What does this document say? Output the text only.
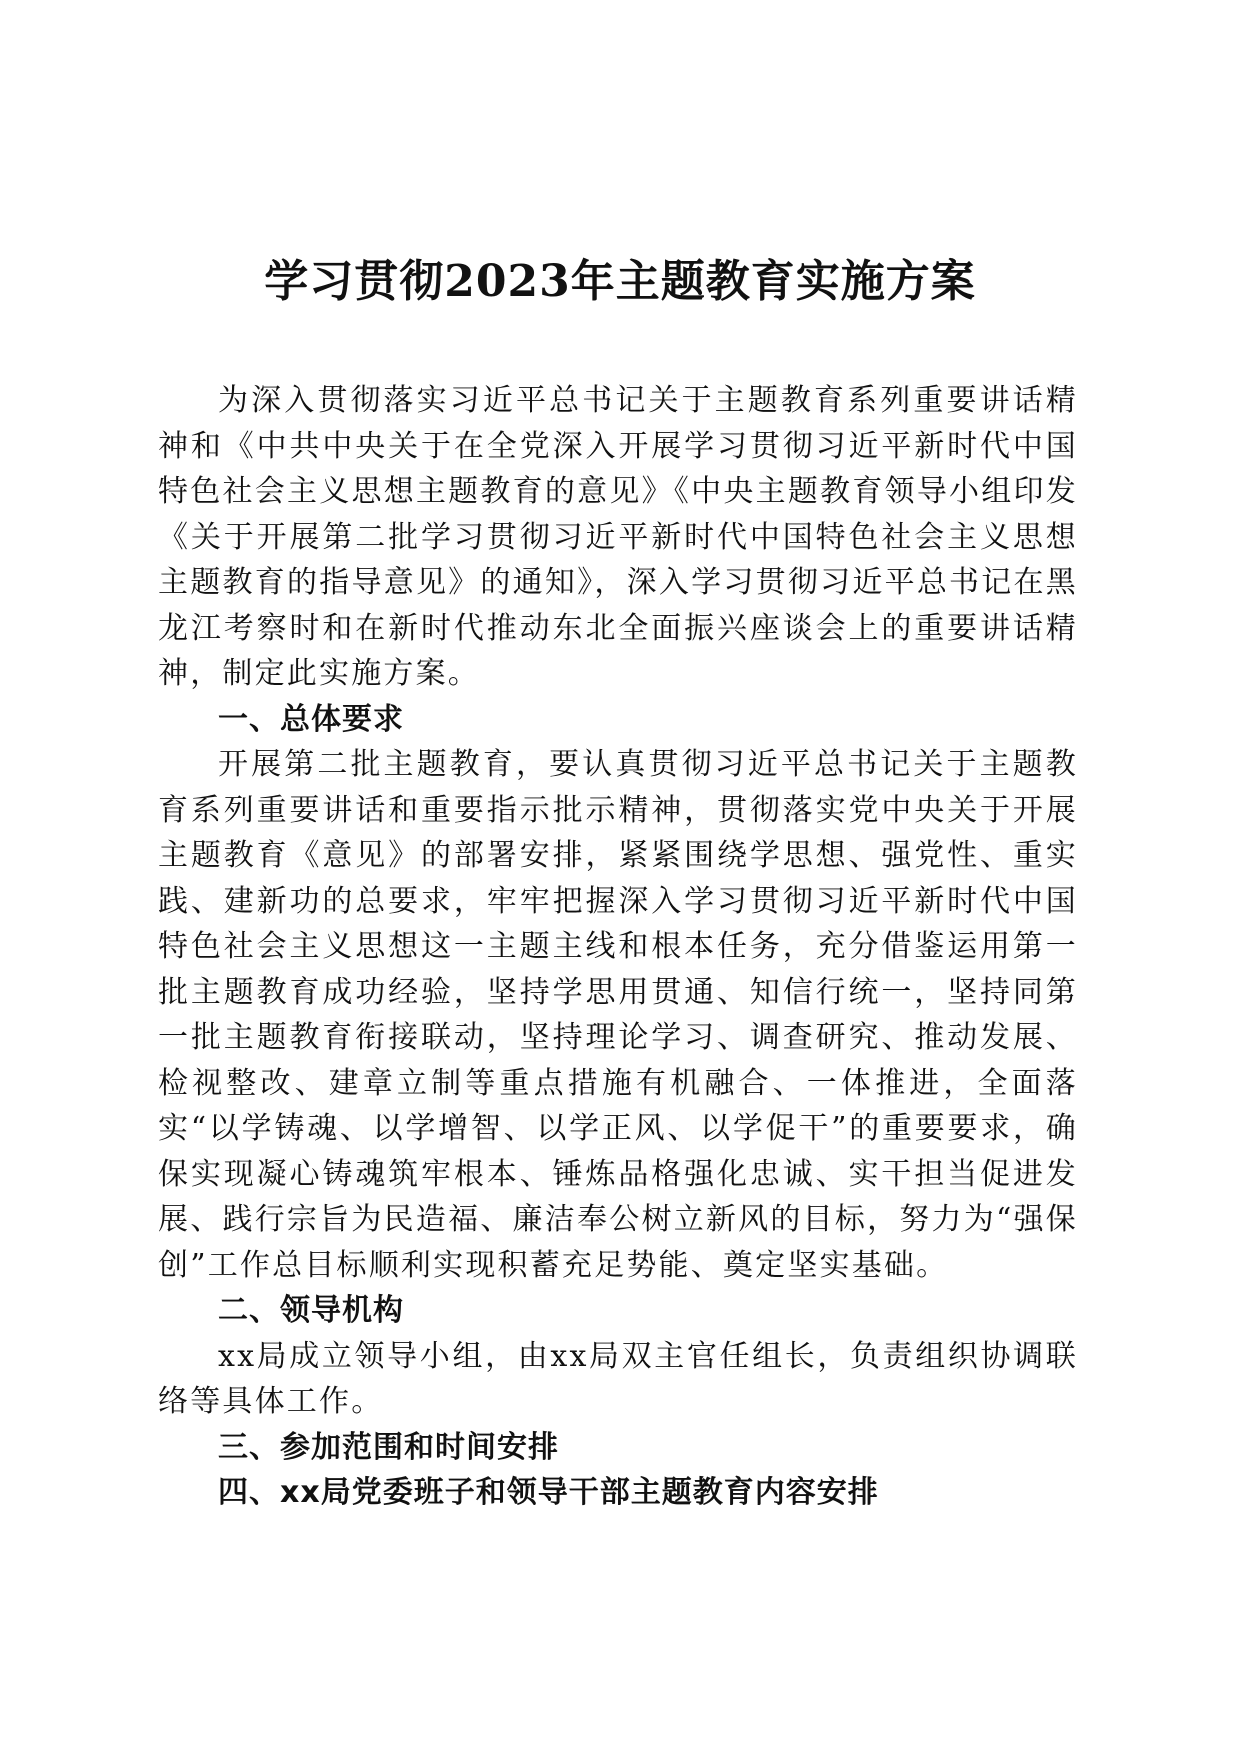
学习贯彻2023年主题教育实施方案

为深入贯彻落实习近平总书记关于主题教育系列重要讲话精神和《中共中央关于在全党深入开展学习贯彻习近平新时代中国特色社会主义思想主题教育的意见》《中央主题教育领导小组印发《关于开展第二批学习贯彻习近平新时代中国特色社会主义思想主题教育的指导意见》的通知》，深入学习贯彻习近平总书记在黑龙江考察时和在新时代推动东北全面振兴座谈会上的重要讲话精神，制定此实施方案。

一、总体要求

开展第二批主题教育，要认真贯彻习近平总书记关于主题教育系列重要讲话和重要指示批示精神，贯彻落实党中央关于开展主题教育《意见》的部署安排，紧紧围绕学思想、强党性、重实践、建新功的总要求，牢牢把握深入学习贯彻习近平新时代中国特色社会主义思想这一主题主线和根本任务，充分借鉴运用第一批主题教育成功经验，坚持学思用贯通、知信行统一，坚持同第一批主题教育衔接联动，坚持理论学习、调查研究、推动发展、检视整改、建章立制等重点措施有机融合、一体推进，全面落实“以学铸魂、以学增智、以学正风、以学促干”的重要要求，确保实现凝心铸魂筑牢根本、锤炼品格强化忠诚、实干担当促进发展、践行宗旨为民造福、廉洁奉公树立新风的目标，努力为“强保创”工作总目标顺利实现积蓄充足势能、奠定坚实基础。

二、领导机构

xx局成立领导小组，由xx局双主官任组长，负责组织协调联络等具体工作。

三、参加范围和时间安排

四、xx局党委班子和领导干部主题教育内容安排
